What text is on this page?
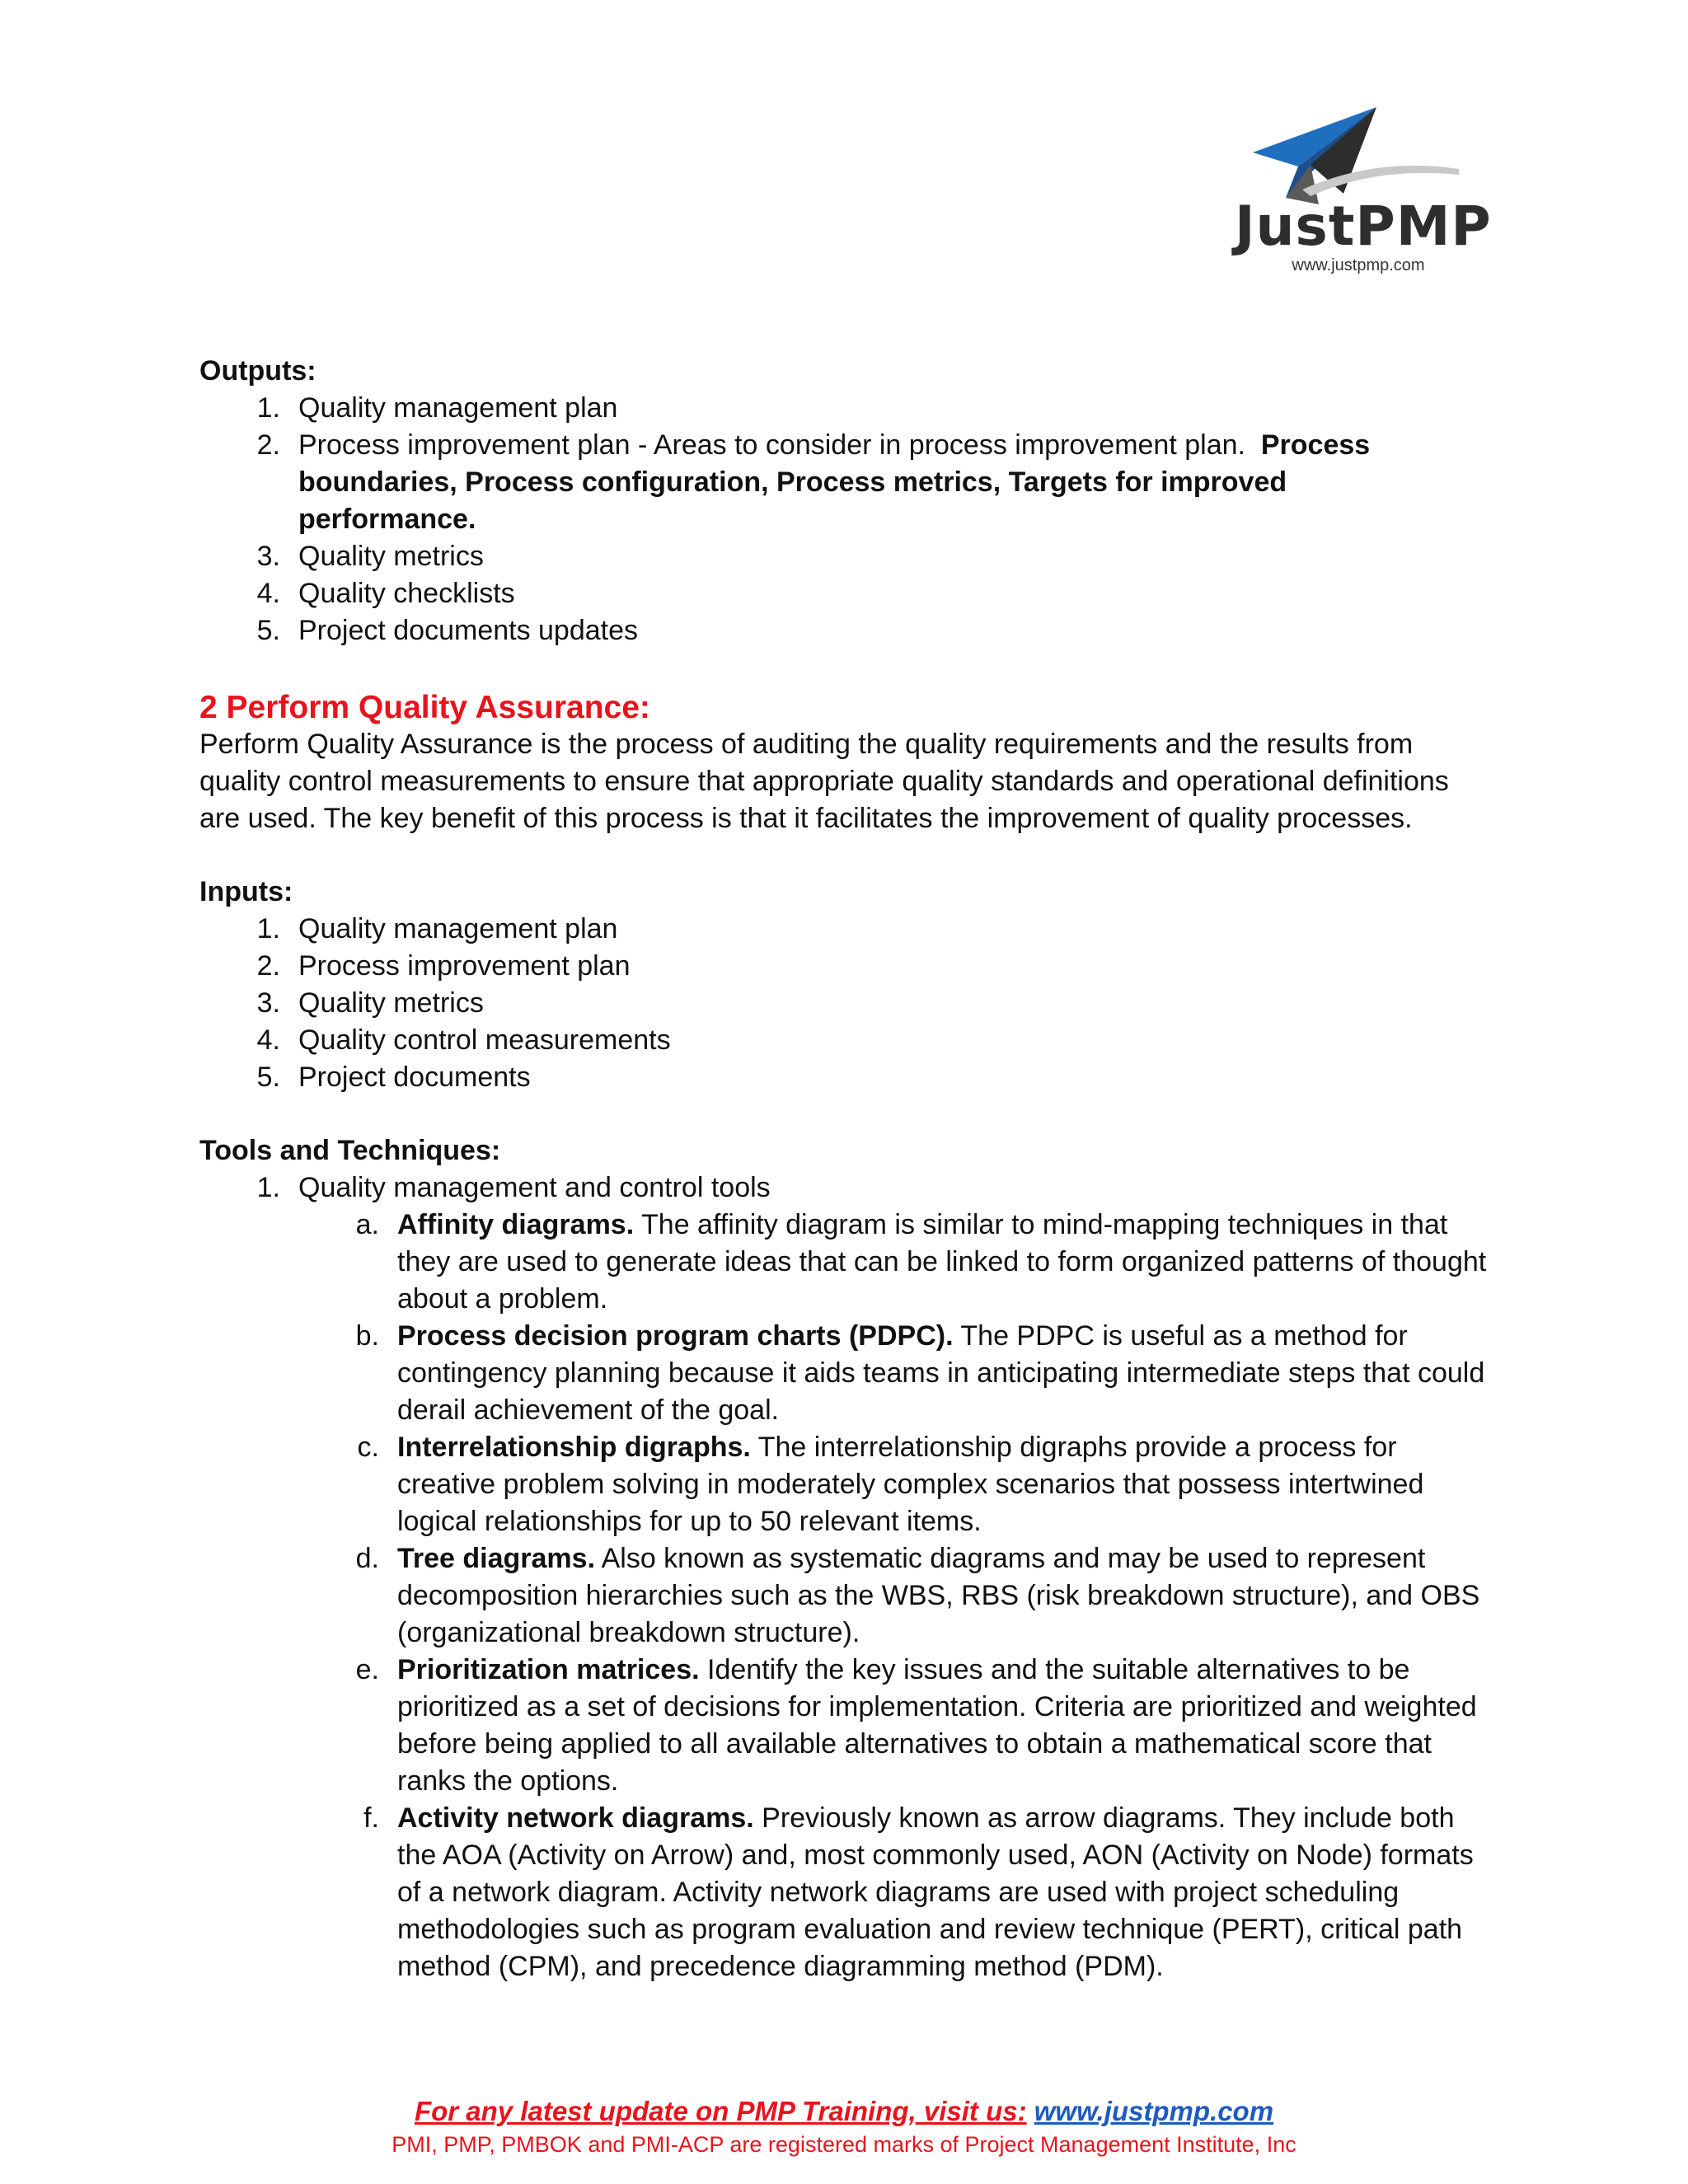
JustPMP
www.justpmp.com
Outputs:
1. Quality management plan
2. Process improvement plan - Areas to consider in process improvement plan. Process boundaries, Process configuration, Process metrics, Targets for improved performance.
3. Quality metrics
4. Quality checklists
5. Project documents updates
2 Perform Quality Assurance:
Perform Quality Assurance is the process of auditing the quality requirements and the results from quality control measurements to ensure that appropriate quality standards and operational definitions are used. The key benefit of this process is that it facilitates the improvement of quality processes.
Inputs:
1. Quality management plan
2. Process improvement plan
3. Quality metrics
4. Quality control measurements
5. Project documents
Tools and Techniques:
1. Quality management and control tools
a. Affinity diagrams. The affinity diagram is similar to mind-mapping techniques in that they are used to generate ideas that can be linked to form organized patterns of thought about a problem.
b. Process decision program charts (PDPC). The PDPC is useful as a method for contingency planning because it aids teams in anticipating intermediate steps that could derail achievement of the goal.
c. Interrelationship digraphs. The interrelationship digraphs provide a process for creative problem solving in moderately complex scenarios that possess intertwined logical relationships for up to 50 relevant items.
d. Tree diagrams. Also known as systematic diagrams and may be used to represent decomposition hierarchies such as the WBS, RBS (risk breakdown structure), and OBS (organizational breakdown structure).
e. Prioritization matrices. Identify the key issues and the suitable alternatives to be prioritized as a set of decisions for implementation. Criteria are prioritized and weighted before being applied to all available alternatives to obtain a mathematical score that ranks the options.
f. Activity network diagrams. Previously known as arrow diagrams. They include both the AOA (Activity on Arrow) and, most commonly used, AON (Activity on Node) formats of a network diagram. Activity network diagrams are used with project scheduling methodologies such as program evaluation and review technique (PERT), critical path method (CPM), and precedence diagramming method (PDM).
For any latest update on PMP Training, visit us: www.justpmp.com
PMI, PMP, PMBOK and PMI-ACP are registered marks of Project Management Institute, Inc
